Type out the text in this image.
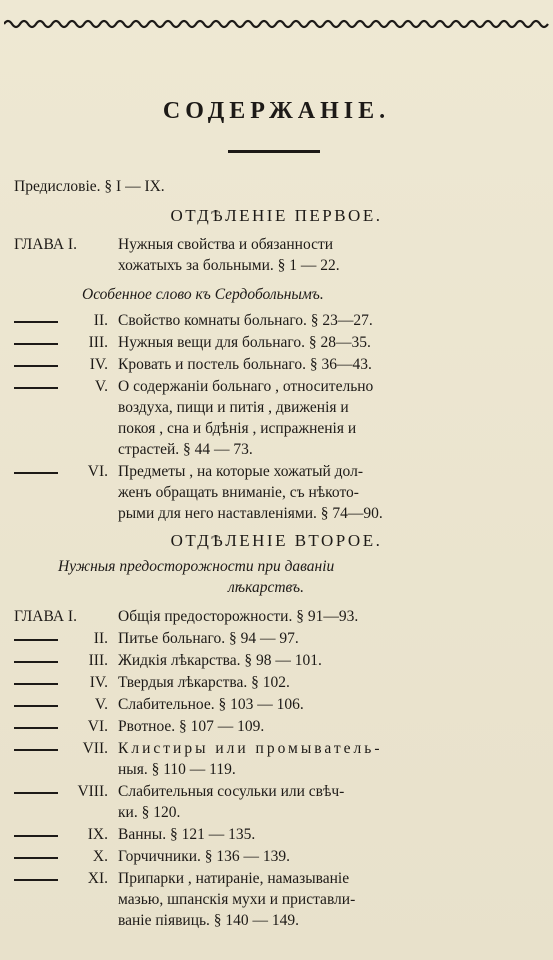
СОДЕРЖАНІЕ.
Предисловіе. § I — IX.
ОТДѢЛЕНІЕ ПЕРВОЕ.
ГЛАВА I.	Нужныя свойства и обязанности
хожатыхъ за больными. § 1 — 22.
Особенное слово къ Сердобольнымъ.
II. Свойство комнаты больнаго. § 23—27.
III. Нужныя вещи для больнаго. § 28—35.
IV. Кровать и постель больнаго. § 36—43.
V. О содержаніи больнаго , относительно
воздуха, пищи и питія , движенія и
покоя , сна и бдѣнія , испражненія и
страстей. § 44 — 73.
VI. Предметы , на которые хожатый дол-
женъ обращать вниманіе, съ нѣкото-
рыми для него наставленіями. § 74—90.
ОТДѢЛЕНІЕ ВТОРОЕ.
Нужныя предосторожности при даваніи
лѣкарствъ.
ГЛАВА I.	Общія предосторожности. § 91—93.
II. Питье больнаго. § 94 — 97.
III. Жидкія лѣкарства. § 98 — 101.
IV. Твердыя лѣкарства. § 102.
V. Слабительное. § 103 — 106.
VI. Рвотное. § 107 — 109.
VII. Клистиры или промыватель-
ныя. § 110 — 119.
VIII. Слабительныя сосульки или свѣч-
ки. § 120.
IX. Ванны. § 121 — 135.
X. Горчичники. § 136 — 139.
XI. Припарки , натираніе, намазываніе
мазью, шпанскія мухи и приставли-
ваніе піявиць. § 140 — 149.
